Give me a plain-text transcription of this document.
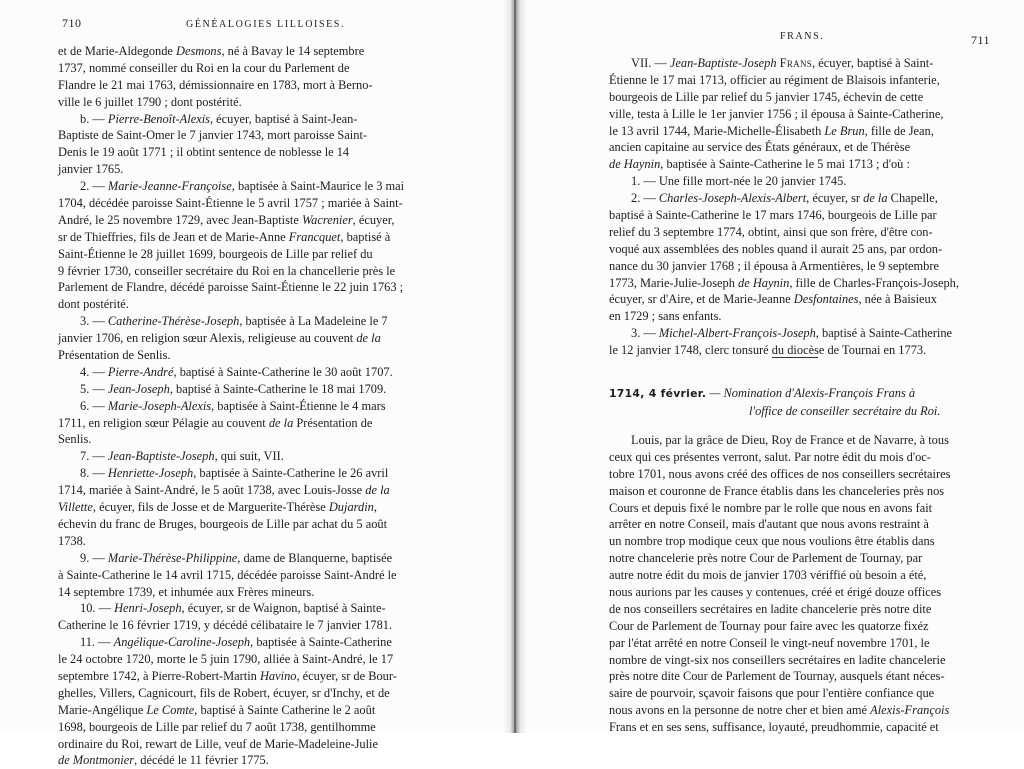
710	GÉNÉALOGIES LILLOISES.
et de Marie-Aldegonde Desmons, né à Bavay le 14 septembre
1737, nommé conseiller du Roi en la cour du Parlement de
Flandre le 21 mai 1763, démissionnaire en 1783, mort à Berno-
ville le 6 juillet 1790 ; dont postérité.
b. — Pierre-Benoît-Alexis, écuyer, baptisé à Saint-Jean-
Baptiste de Saint-Omer le 7 janvier 1743, mort paroisse Saint-
Denis le 19 août 1771 ; il obtint sentence de noblesse le 14
janvier 1765.
2. — Marie-Jeanne-Françoise, baptisée à Saint-Maurice le 3 mai
1704, décédée paroisse Saint-Étienne le 5 avril 1757 ; mariée à Saint-
André, le 25 novembre 1729, avec Jean-Baptiste Wacrenier, écuyer,
sr de Thieffries, fils de Jean et de Marie-Anne Francquet, baptisé à
Saint-Étienne le 28 juillet 1699, bourgeois de Lille par relief du
9 février 1730, conseiller secrétaire du Roi en la chancellerie près le
Parlement de Flandre, décédé paroisse Saint-Étienne le 22 juin 1763 ;
dont postérité.
3. — Catherine-Thérèse-Joseph, baptisée à La Madeleine le 7
janvier 1706, en religion sœur Alexis, religieuse au couvent de la
Présentation de Senlis.
4. — Pierre-André, baptisé à Sainte-Catherine le 30 août 1707.
5. — Jean-Joseph, baptisé à Sainte-Catherine le 18 mai 1709.
6. — Marie-Joseph-Alexis, baptisée à Saint-Étienne le 4 mars
1711, en religion sœur Pélagie au couvent de la Présentation de
Senlis.
7. — Jean-Baptiste-Joseph, qui suit, VII.
8. — Henriette-Joseph, baptisée à Sainte-Catherine le 26 avril
1714, mariée à Saint-André, le 5 août 1738, avec Louis-Josse de la
Villette, écuyer, fils de Josse et de Marguerite-Thérèse Dujardin,
échevin du franc de Bruges, bourgeois de Lille par achat du 5 août
1738.
9. — Marie-Thérèse-Philippine, dame de Blanquerne, baptisée
à Sainte-Catherine le 14 avril 1715, décédée paroisse Saint-André le
14 septembre 1739, et inhumée aux Frères mineurs.
10. — Henri-Joseph, écuyer, sr de Waignon, baptisé à Sainte-
Catherine le 16 février 1719, y décédé célibataire le 7 janvier 1781.
11. — Angélique-Caroline-Joseph, baptisée à Sainte-Catherine
le 24 octobre 1720, morte le 5 juin 1790, alliée à Saint-André, le 17
septembre 1742, à Pierre-Robert-Martin Havino, écuyer, sr de Bour-
ghelles, Villers, Cagnicourt, fils de Robert, écuyer, sr d'Inchy, et de
Marie-Angélique Le Comte, baptisé à Sainte Catherine le 2 août
1698, bourgeois de Lille par relief du 7 août 1738, gentilhomme
ordinaire du Roi, rewart de Lille, veuf de Marie-Madeleine-Julie
de Montmonier, décédé le 11 février 1775.
FRANS.	711
VII. — Jean-Baptiste-Joseph Frans, écuyer, baptisé à Saint-
Étienne le 17 mai 1713, officier au régiment de Blaisois infanterie,
bourgeois de Lille par relief du 5 janvier 1745, échevin de cette
ville, testa à Lille le 1er janvier 1756 ; il épousa à Sainte-Catherine,
le 13 avril 1744, Marie-Michelle-Élisabeth Le Brun, fille de Jean,
ancien capitaine au service des États généraux, et de Thérèse
de Haynin, baptisée à Sainte-Catherine le 5 mai 1713 ; d'où :
1. — Une fille mort-née le 20 janvier 1745.
2. — Charles-Joseph-Alexis-Albert, écuyer, sr de la Chapelle,
baptisé à Sainte-Catherine le 17 mars 1746, bourgeois de Lille par
relief du 3 septembre 1774, obtint, ainsi que son frère, d'être con-
voqué aux assemblées des nobles quand il aurait 25 ans, par ordon-
nance du 30 janvier 1768 ; il épousa à Armentières, le 9 septembre
1773, Marie-Julie-Joseph de Haynin, fille de Charles-François-Joseph,
écuyer, sr d'Aire, et de Marie-Jeanne Desfontaines, née à Baisieux
en 1729 ; sans enfants.
3. — Michel-Albert-François-Joseph, baptisé à Sainte-Catherine
le 12 janvier 1748, clerc tonsuré du diocèse de Tournai en 1773.
1714, 4 février. — Nomination d'Alexis-François Frans à
l'office de conseiller secrétaire du Roi.
Louis, par la grâce de Dieu, Roy de France et de Navarre, à tous
ceux qui ces présentes verront, salut. Par notre édit du mois d'oc-
tobre 1701, nous avons créé des offices de nos conseillers secrétaires
maison et couronne de France établis dans les chanceleries près nos
Cours et depuis fixé le nombre par le rolle que nous en avons fait
arrêter en notre Conseil, mais d'autant que nous avons restraint à
un nombre trop modique ceux que nous voulions être établis dans
notre chancelerie près notre Cour de Parlement de Tournay, par
autre notre édit du mois de janvier 1703 vériffié où besoin a été,
nous aurions par les causes y contenues, créé et érigé douze offices
de nos conseillers secrétaires en ladite chancelerie près notre dite
Cour de Parlement de Tournay pour faire avec les quatorze fixéz
par l'état arrêté en notre Conseil le vingt-neuf novembre 1701, le
nombre de vingt-six nos conseillers secrétaires en ladite chancelerie
près notre dite Cour de Parlement de Tournay, ausquels étant néces-
saire de pourvoir, sçavoir faisons que pour l'entière confiance que
nous avons en la personne de notre cher et bien amé Alexis-François
Frans et en ses sens, suffisance, loyauté, preudhommie, capacité et
